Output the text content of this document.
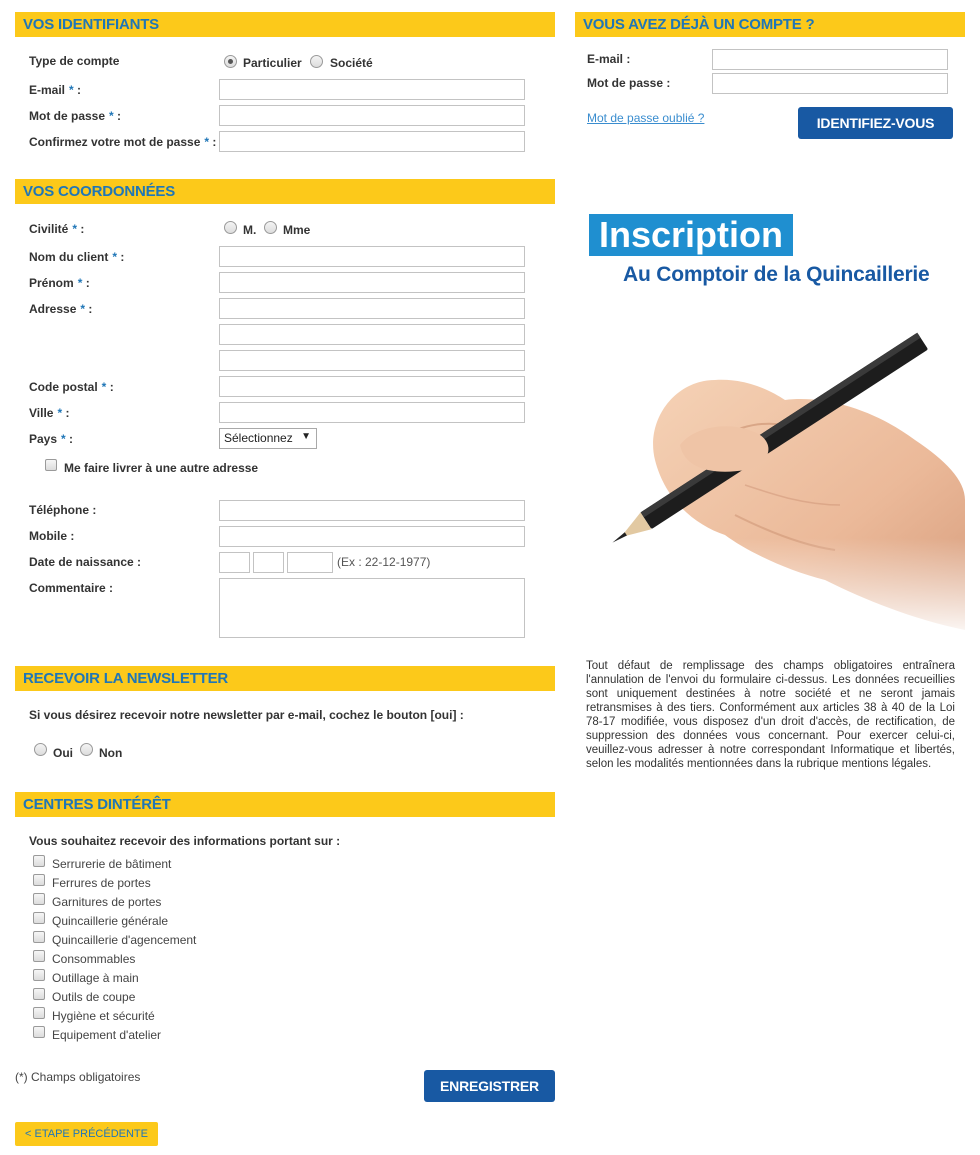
VOS IDENTIFIANTS
Type de compte	Particulier Société
E-mail * :
Mot de passe * :
Confirmez votre mot de passe * :
VOUS AVEZ DÉJÀ UN COMPTE ?
E-mail :
Mot de passe :
Mot de passe oublié ?	IDENTIFIEZ-VOUS
VOS COORDONNÉES
Civilité * :	M. Mme
Nom du client * :
Prénom * :
Adresse * :
Code postal * :
Ville * :
Pays * :	Sélectionnez ▼
Me faire livrer à une autre adresse
Téléphone :
Mobile :
Date de naissance :	(Ex : 22-12-1977)
Commentaire :
Inscription
Au Comptoir de la Quincaillerie
Tout défaut de remplissage des champs obligatoires entraînera l'annulation de l'envoi du formulaire ci-dessus. Les données recueillies sont uniquement destinées à notre société et ne seront jamais retransmises à des tiers. Conformément aux articles 38 à 40 de la Loi 78-17 modifiée, vous disposez d'un droit d'accès, de rectification, de suppression des données vous concernant. Pour exercer celui-ci, veuillez-vous adresser à notre correspondant Informatique et libertés, selon les modalités mentionnées dans la rubrique mentions légales.
RECEVOIR LA NEWSLETTER
Si vous désirez recevoir notre newsletter par e-mail, cochez le bouton [oui] :
Oui Non
CENTRES DINTÉRÊT
Vous souhaitez recevoir des informations portant sur :
Serrurerie de bâtiment
Ferrures de portes
Garnitures de portes
Quincaillerie générale
Quincaillerie d'agencement
Consommables
Outillage à main
Outils de coupe
Hygiène et sécurité
Equipement d'atelier
(*) Champs obligatoires
ENREGISTRER
< ETAPE PRÉCÉDENTE
